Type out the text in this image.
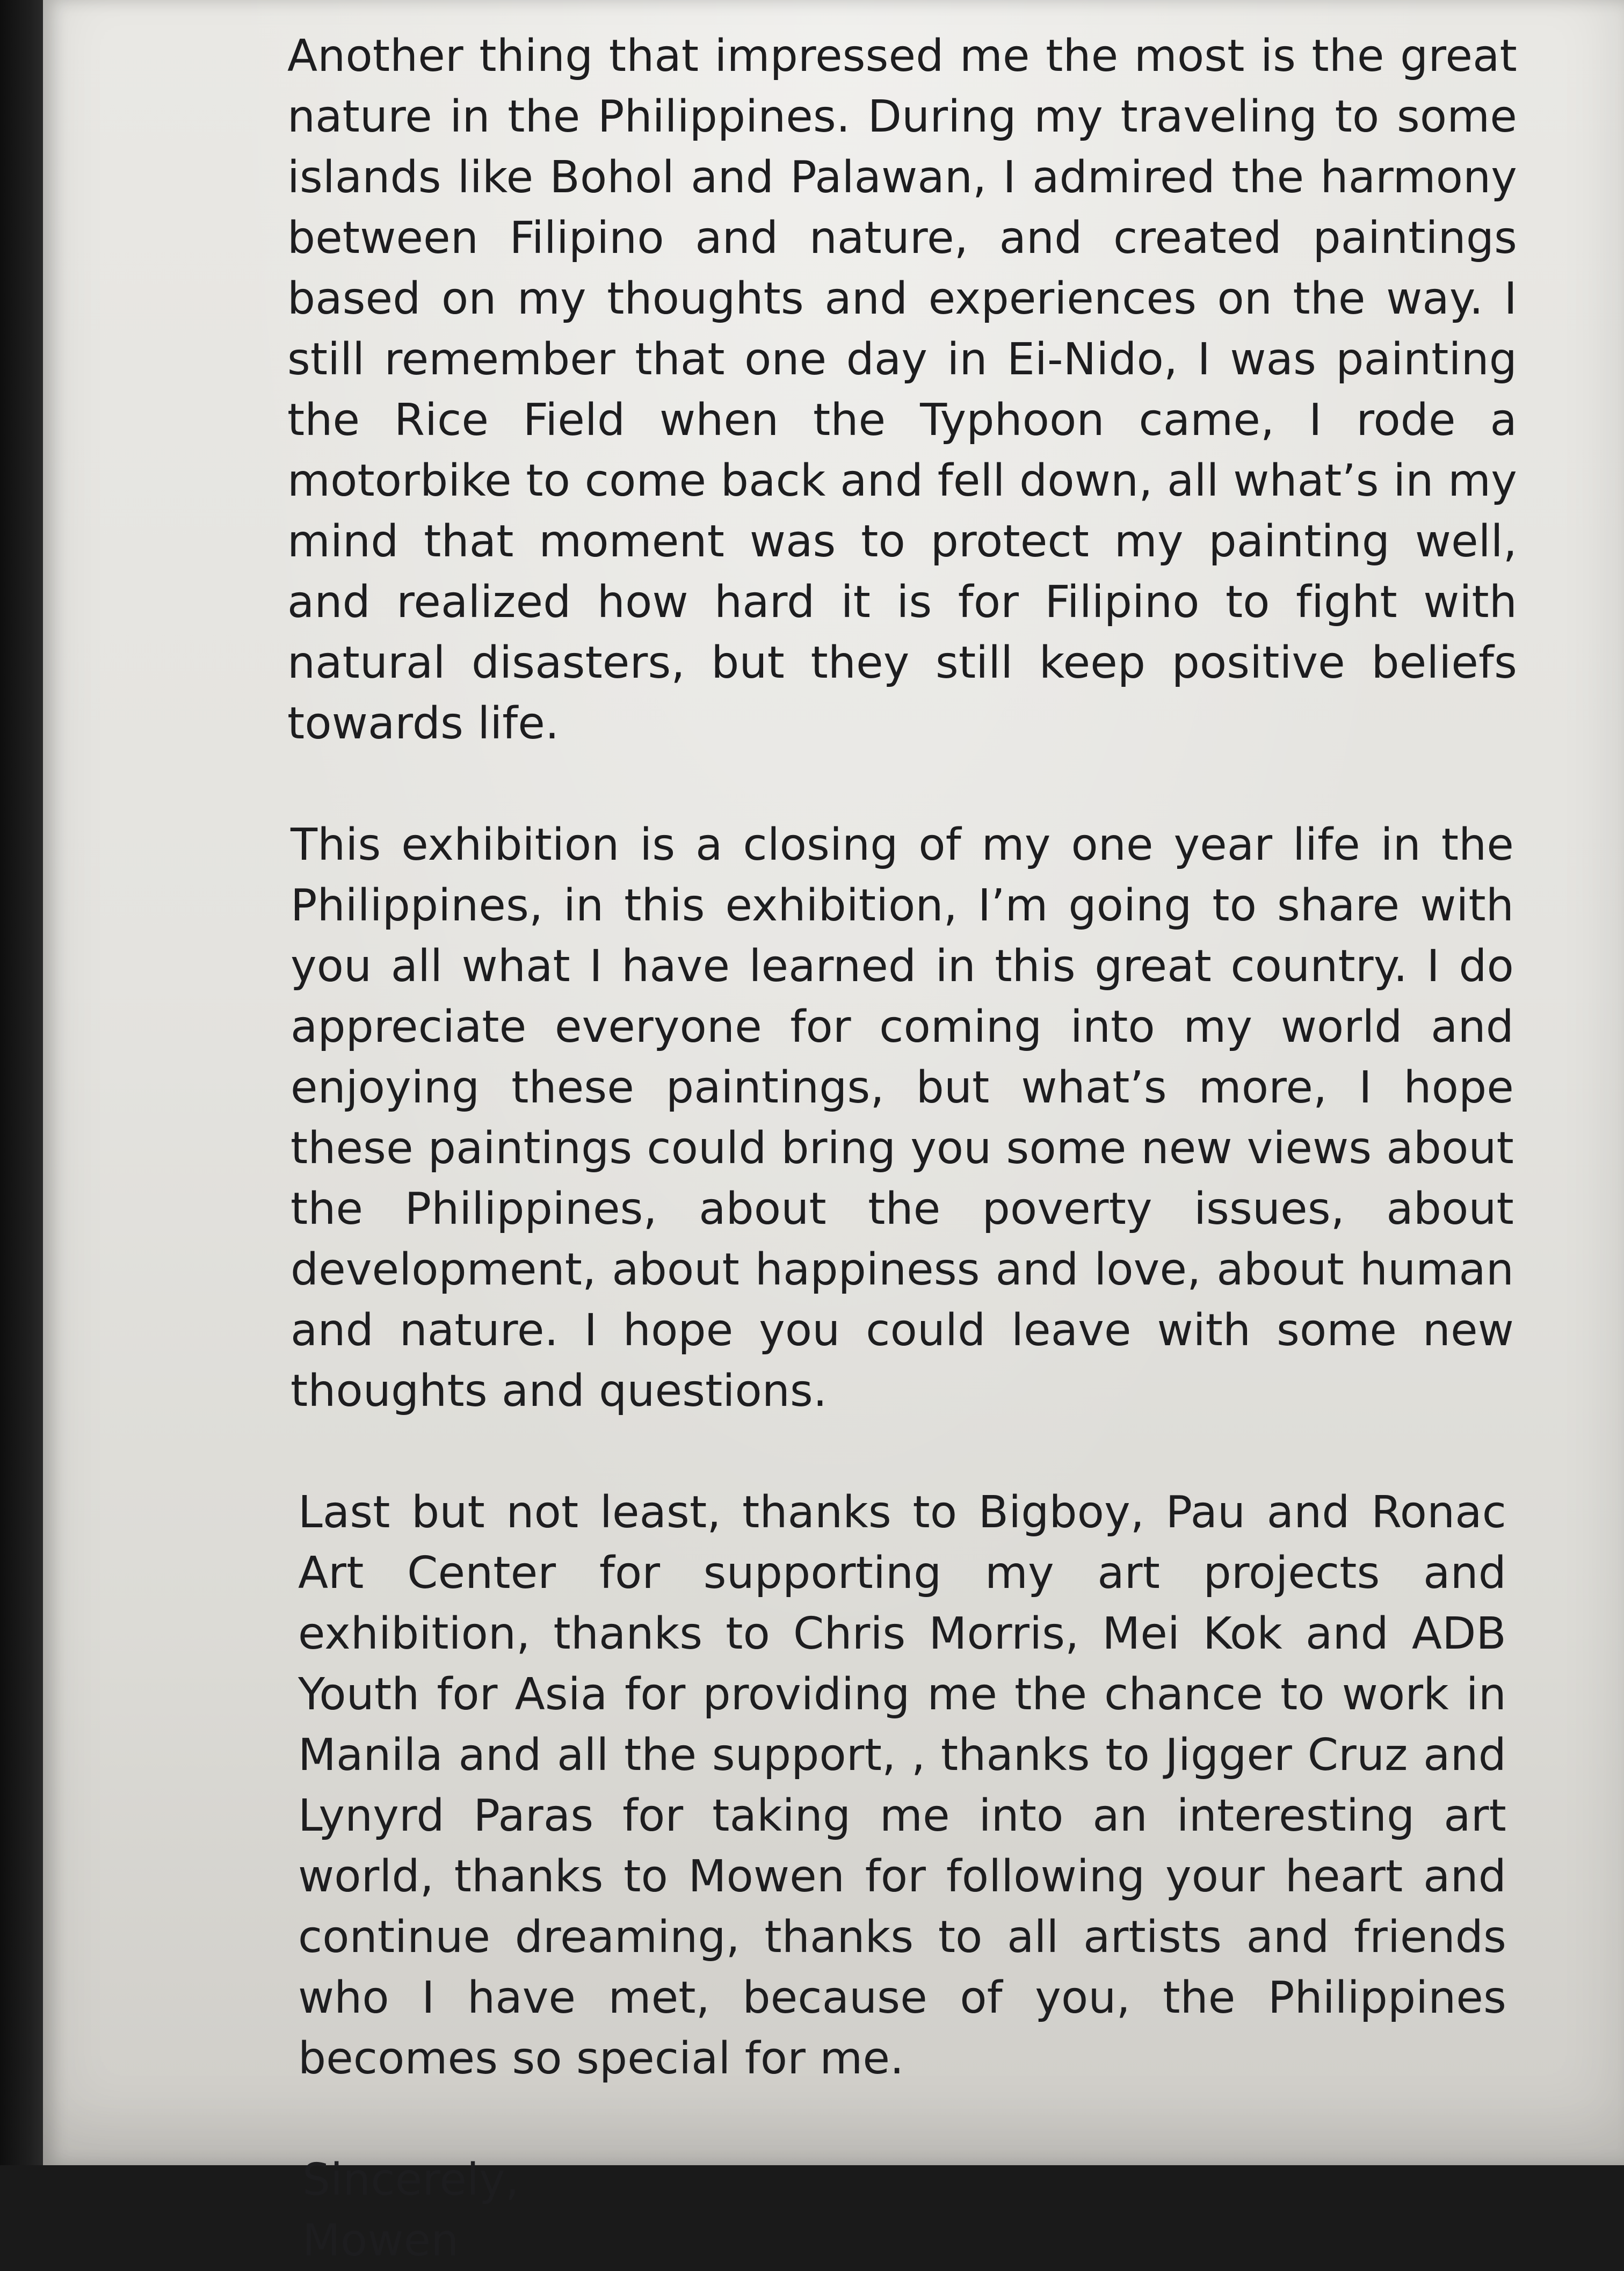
Another thing that impressed me the most is the great nature in the Philippines. During my traveling to some islands like Bohol and Palawan, I admired the harmony between Filipino and nature, and created paintings based on my thoughts and experiences on the way. I still remember that one day in Ei-Nido, I was painting the Rice Field when the Typhoon came, I rode a motorbike to come back and fell down, all what’s in my mind that moment was to protect my painting well, and realized how hard it is for Filipino to fight with natural disasters, but they still keep positive beliefs towards life.

This exhibition is a closing of my one year life in the Philippines, in this exhibition, I’m going to share with you all what I have learned in this great country. I do appreciate everyone for coming into my world and enjoying these paintings, but what’s more, I hope these paintings could bring you some new views about the Philippines, about the poverty issues, about development, about happiness and love, about human and nature. I hope you could leave with some new thoughts and questions.

Last but not least, thanks to Bigboy, Pau and Ronac Art Center for supporting my art projects and exhibition, thanks to Chris Morris, Mei Kok and ADB Youth for Asia for providing me the chance to work in Manila and all the support, , thanks to Jigger Cruz and Lynyrd Paras for taking me into an interesting art world, thanks to Mowen for following your heart and continue dreaming, thanks to all artists and friends who I have met, because of you, the Philippines becomes so special for me.

Sincerely,
Mowen
